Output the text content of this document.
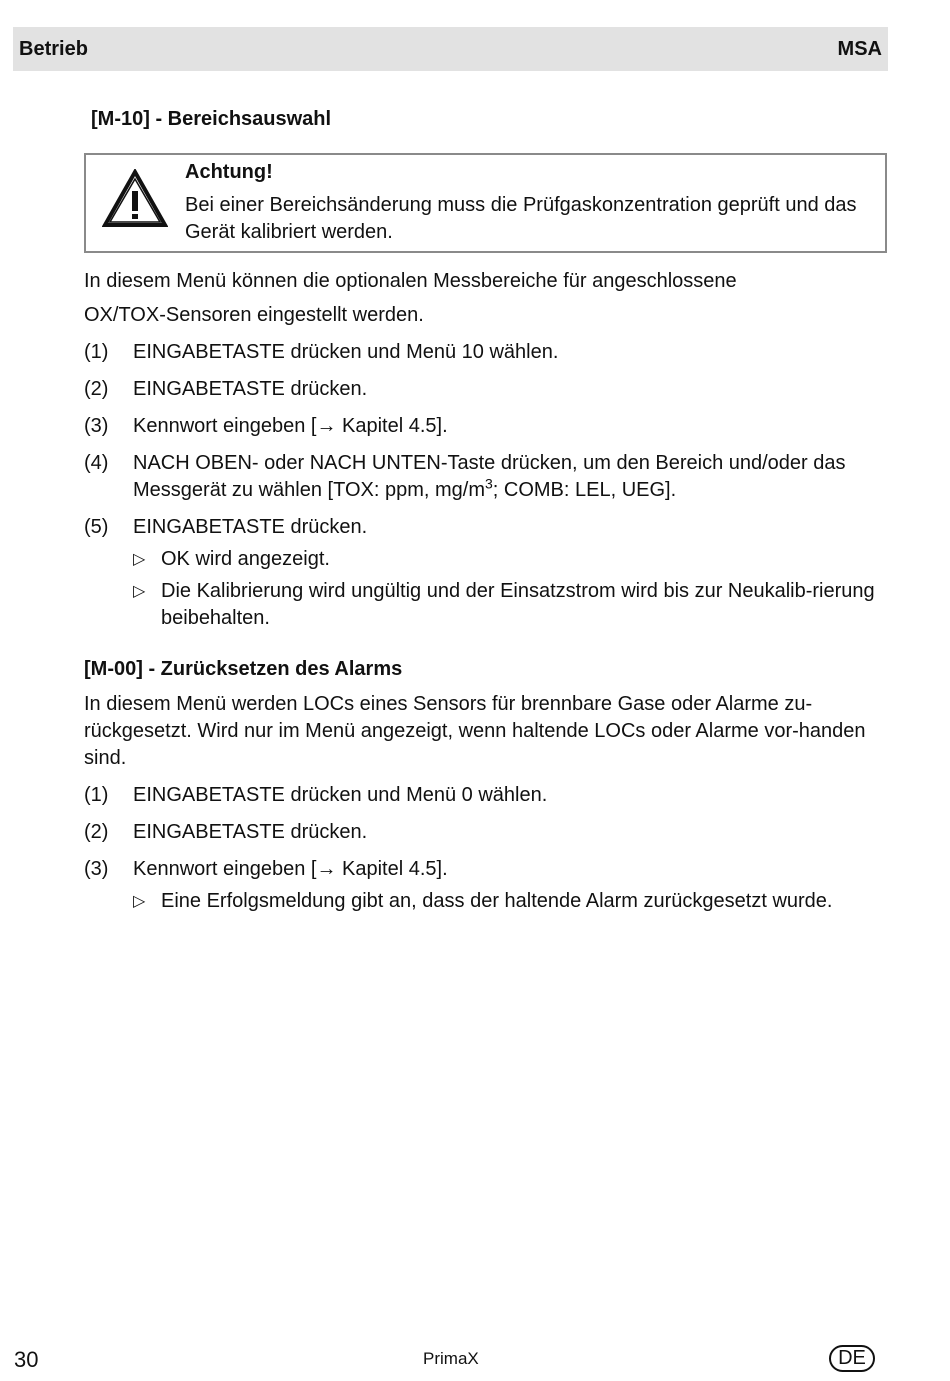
Betrieb	MSA
[M-10] - Bereichsauswahl
Achtung!
Bei einer Bereichsänderung muss die Prüfgaskonzentration geprüft und das Gerät kalibriert werden.
In diesem Menü können die optionalen Messbereiche für angeschlossene
OX/TOX-Sensoren eingestellt werden.
(1) EINGABETASTE drücken und Menü 10 wählen.
(2) EINGABETASTE drücken.
(3) Kennwort eingeben [→ Kapitel 4.5].
(4) NACH OBEN- oder NACH UNTEN-Taste drücken, um den Bereich und/oder das Messgerät zu wählen [TOX: ppm, $mg/m^3$; COMB: LEL, UEG].
(5) EINGABETASTE drücken.
▷ OK wird angezeigt.
▷ Die Kalibrierung wird ungültig und der Einsatzstrom wird bis zur Neukalib-rierung beibehalten.
[M-00] - Zurücksetzen des Alarms
In diesem Menü werden LOCs eines Sensors für brennbare Gase oder Alarme zu-rückgesetzt. Wird nur im Menü angezeigt, wenn haltende LOCs oder Alarme vor-handen sind.
(1) EINGABETASTE drücken und Menü 0 wählen.
(2) EINGABETASTE drücken.
(3) Kennwort eingeben [→ Kapitel 4.5].
▷ Eine Erfolgsmeldung gibt an, dass der haltende Alarm zurückgesetzt wurde.
30	PrimaX	DE
